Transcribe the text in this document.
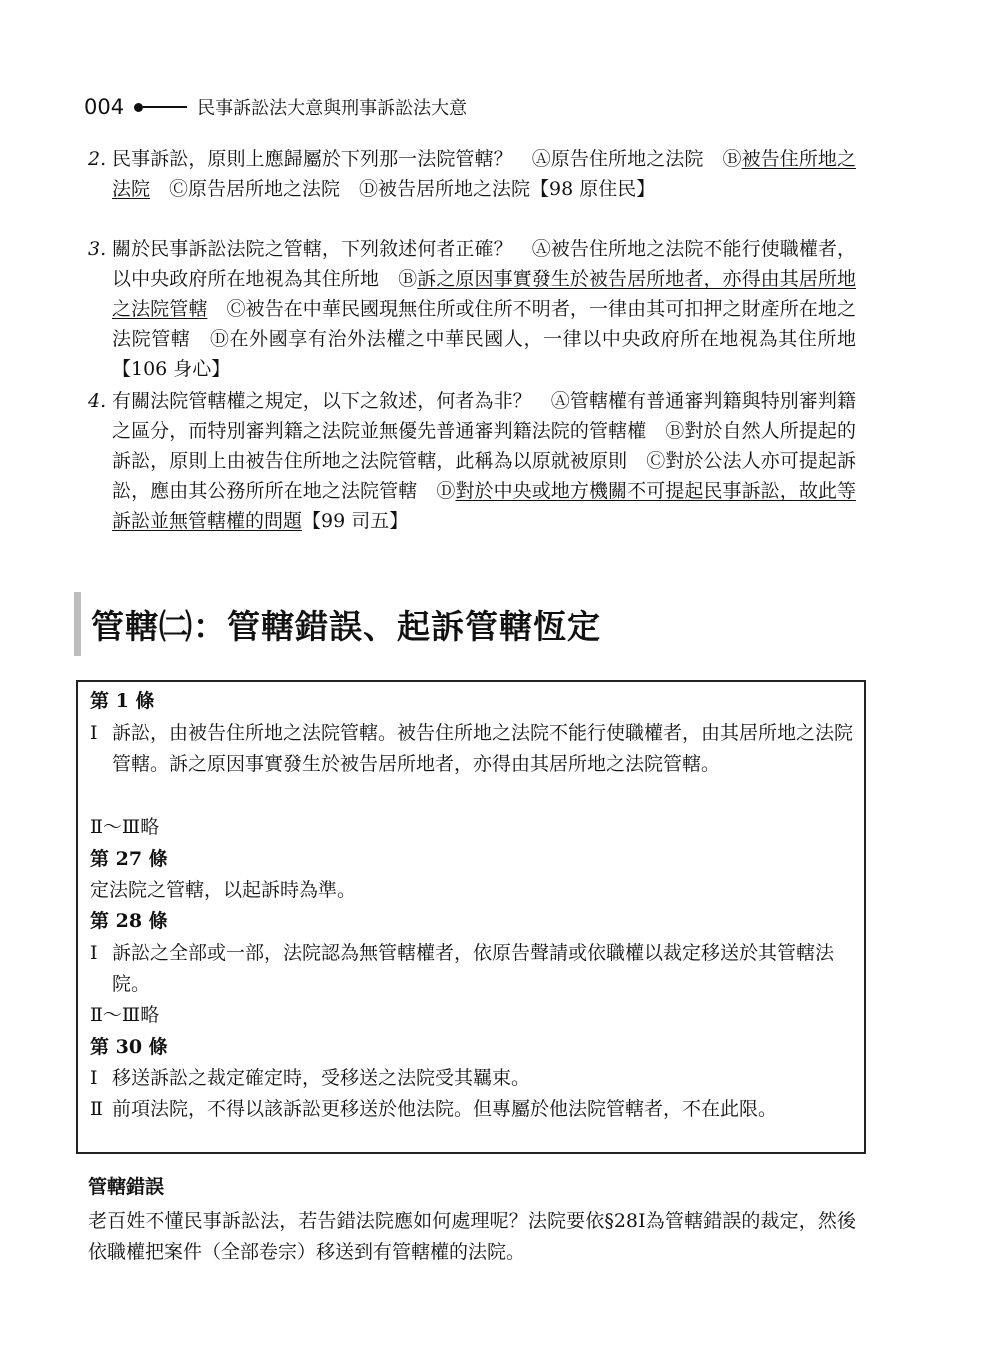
004	民事訴訟法大意與刑事訴訟法大意
2. 民事訴訟，原則上應歸屬於下列那一法院管轄？　Ⓐ原告住所地之法院　Ⓑ被告住所地之法院　Ⓒ原告居所地之法院　Ⓓ被告居所地之法院【98 原住民】
3. 關於民事訴訟法院之管轄，下列敘述何者正確？　Ⓐ被告住所地之法院不能行使職權者，以中央政府所在地視為其住所地　Ⓑ訴之原因事實發生於被告居所地者，亦得由其居所地之法院管轄　Ⓒ被告在中華民國現無住所或住所不明者，一律由其可扣押之財產所在地之法院管轄　Ⓓ在外國享有治外法權之中華民國人，一律以中央政府所在地視為其住所地【106 身心】
4. 有關法院管轄權之規定，以下之敘述，何者為非？　Ⓐ管轄權有普通審判籍與特別審判籍之區分，而特別審判籍之法院並無優先普通審判籍法院的管轄權　Ⓑ對於自然人所提起的訴訟，原則上由被告住所地之法院管轄，此稱為以原就被原則　Ⓒ對於公法人亦可提起訴訟，應由其公務所所在地之法院管轄　Ⓓ對於中央或地方機關不可提起民事訴訟，故此等訴訟並無管轄權的問題【99 司五】
管轄㈡：管轄錯誤、起訴管轄恆定
第 1 條
Ⅰ 訴訟，由被告住所地之法院管轄。被告住所地之法院不能行使職權者，由其居所地之法院管轄。訴之原因事實發生於被告居所地者，亦得由其居所地之法院管轄。
Ⅱ～Ⅲ略
第 27 條
定法院之管轄，以起訴時為準。
第 28 條
Ⅰ 訴訟之全部或一部，法院認為無管轄權者，依原告聲請或依職權以裁定移送於其管轄法院。
Ⅱ～Ⅲ略
第 30 條
Ⅰ 移送訴訟之裁定確定時，受移送之法院受其羈束。
Ⅱ 前項法院，不得以該訴訟更移送於他法院。但專屬於他法院管轄者，不在此限。
管轄錯誤
老百姓不懂民事訴訟法，若告錯法院應如何處理呢？法院要依§28Ⅰ為管轄錯誤的裁定，然後依職權把案件（全部卷宗）移送到有管轄權的法院。
